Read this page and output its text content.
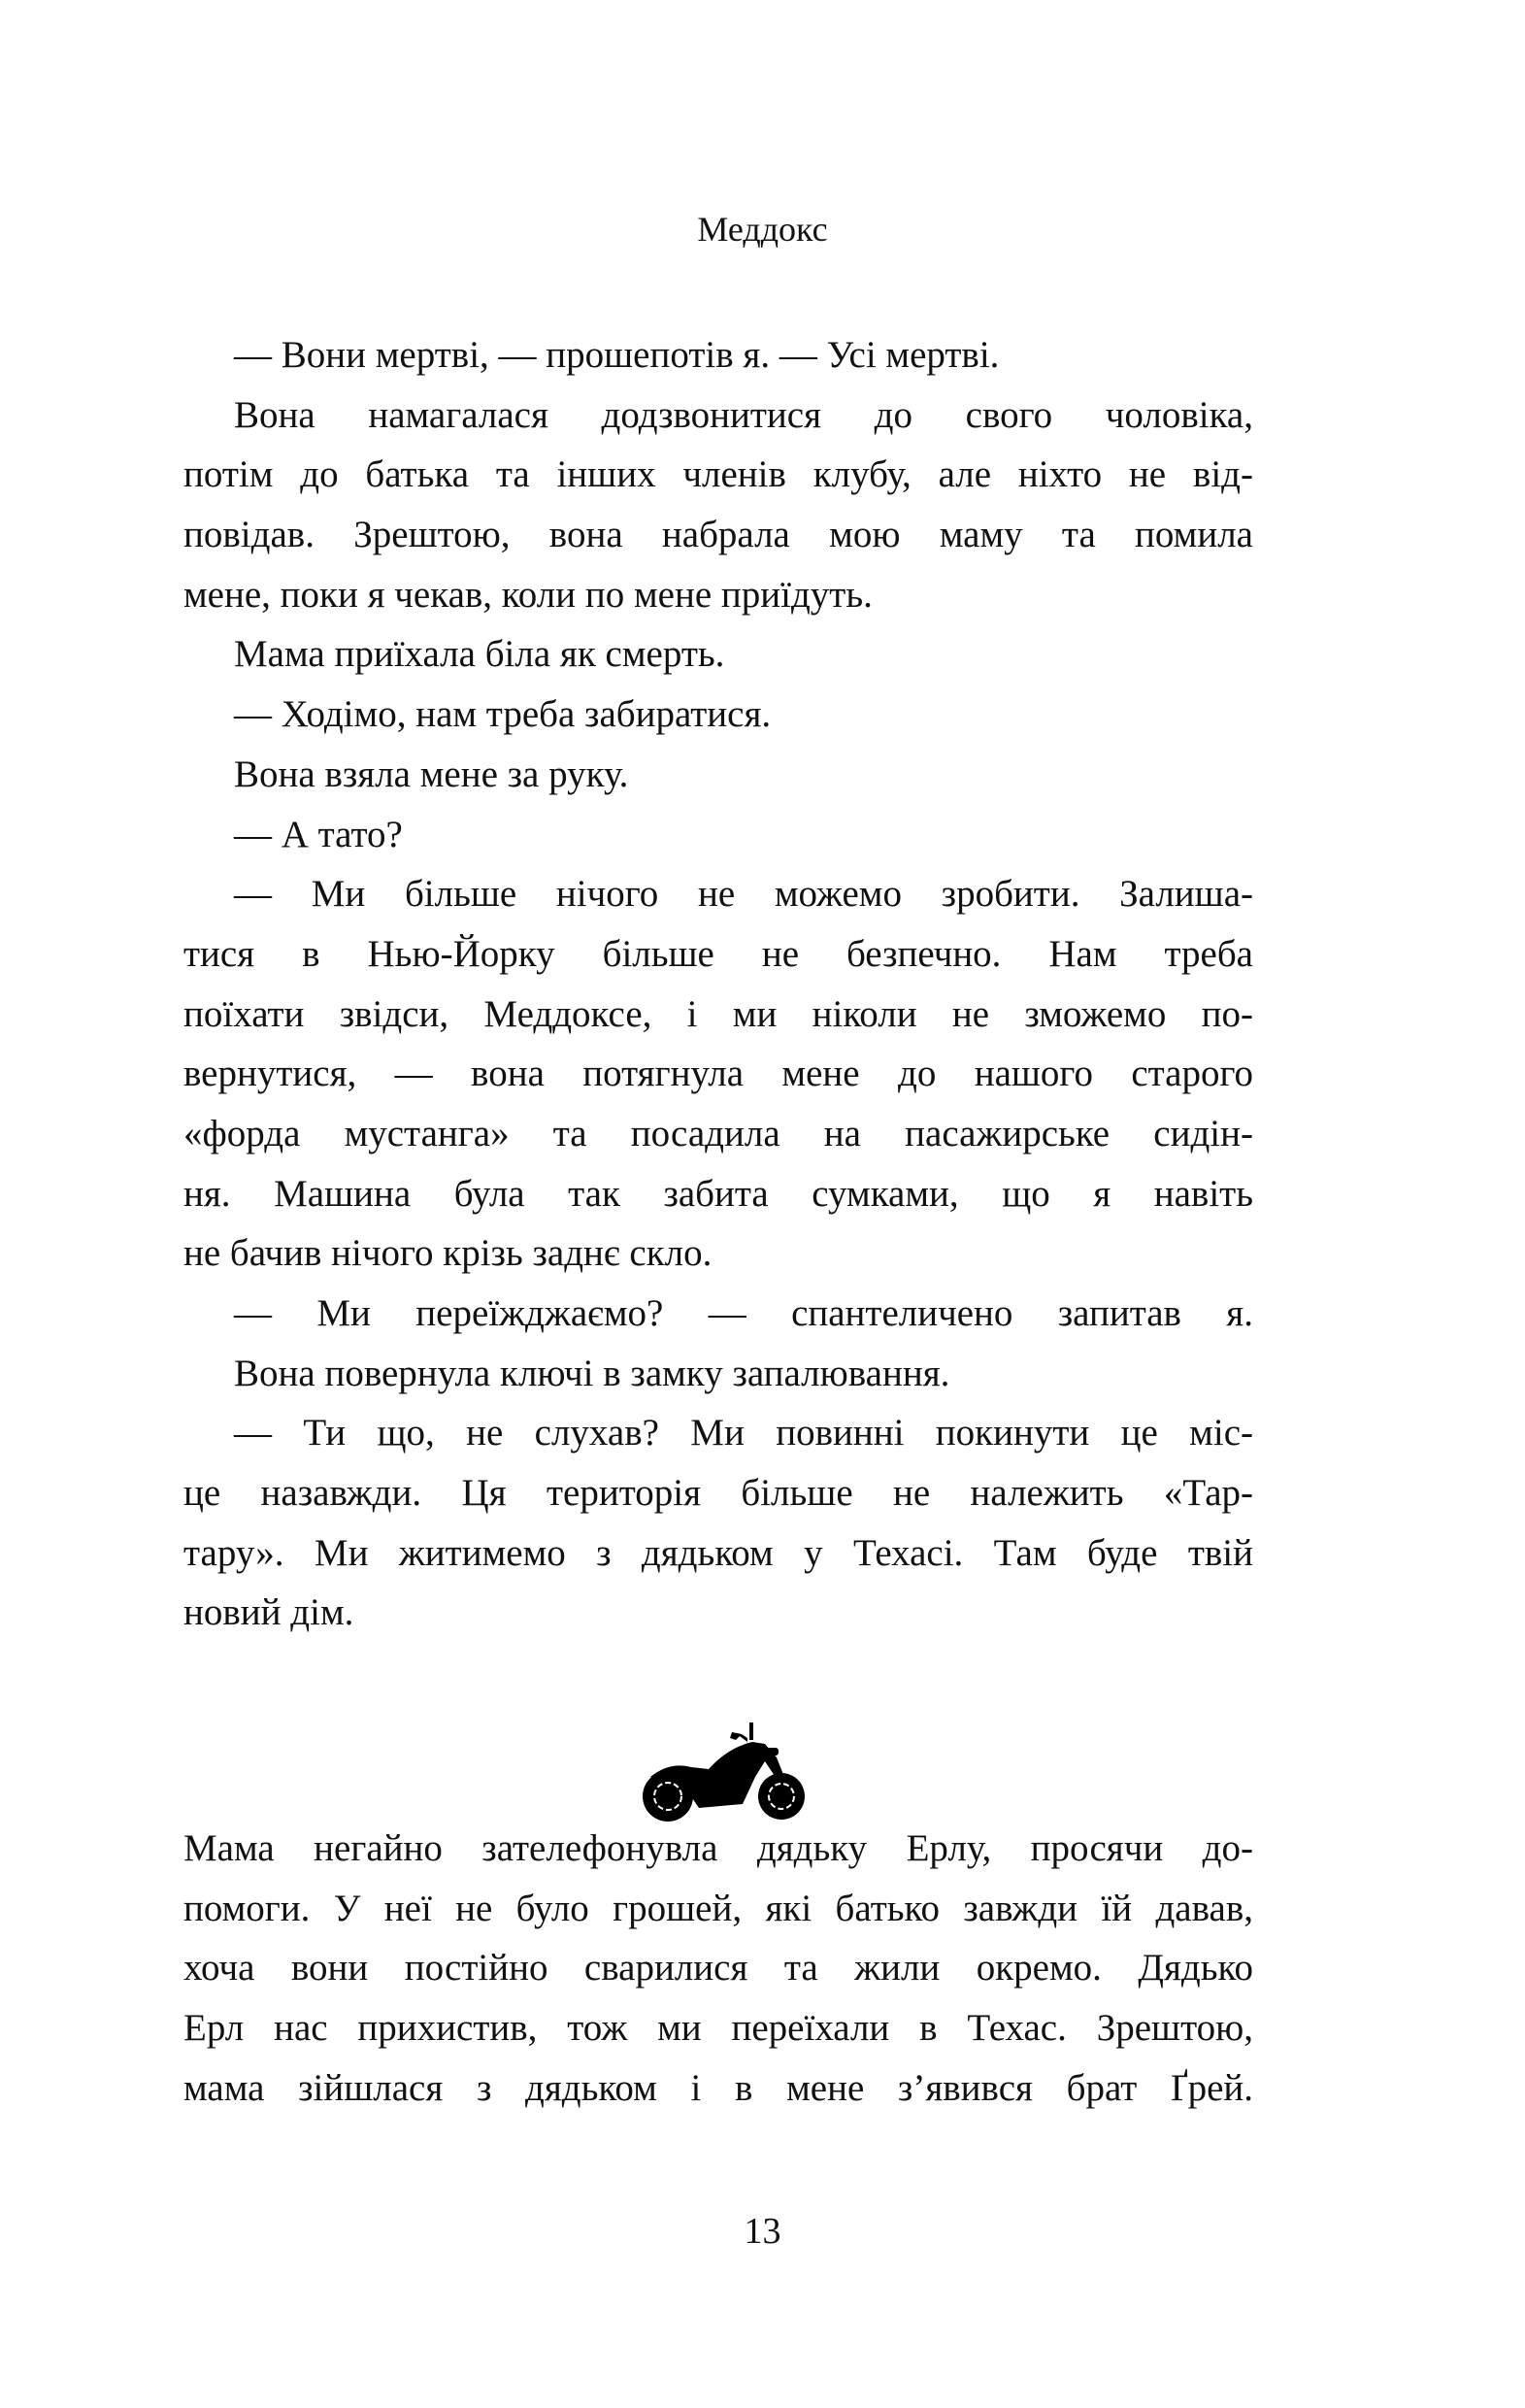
Меддокс
— Вони мертві, — прошепотів я. — Усі мертві.
Вона намагалася додзвонитися до свого чоловіка,
потім до батька та інших членів клубу, але ніхто не від-
повідав. Зрештою, вона набрала мою маму та помила
мене, поки я чекав, коли по мене приїдуть.
Мама приїхала біла як смерть.
— Ходімо, нам треба забиратися.
Вона взяла мене за руку.
— А тато?
— Ми більше нічого не можемо зробити. Залиша-
тися в Нью-Йорку більше не безпечно. Нам треба
поїхати звідси, Меддоксе, і ми ніколи не зможемо по-
вернутися, — вона потягнула мене до нашого старого
«форда мустанга» та посадила на пасажирське сидін-
ня. Машина була так забита сумками, що я навіть
не бачив нічого крізь заднє скло.
— Ми переїжджаємо? — спантеличено запитав я.
Вона повернула ключі в замку запалювання.
— Ти що, не слухав? Ми повинні покинути це міс-
це назавжди. Ця територія більше не належить «Тар-
тару». Ми житимемо з дядьком у Техасі. Там буде твій
новий дім.
Мама негайно зателефонувла дядьку Ерлу, просячи до-
помоги. У неї не було грошей, які батько завжди їй давав,
хоча вони постійно сварилися та жили окремо. Дядько
Ерл нас прихистив, тож ми переїхали в Техас. Зрештою,
мама зійшлася з дядьком і в мене з’явився брат Ґрей.
13
